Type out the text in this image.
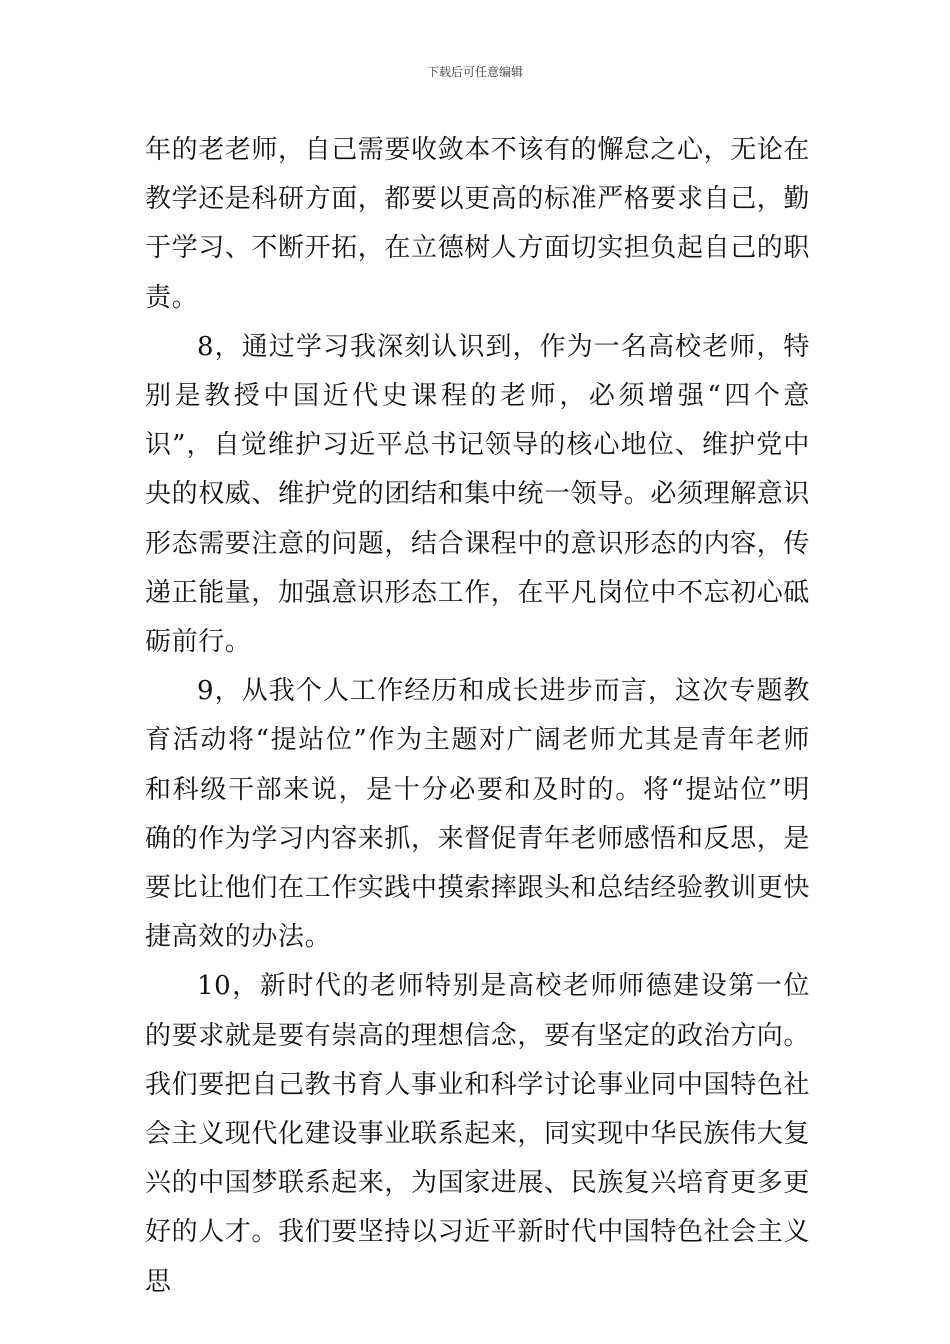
下载后可任意编辑

年的老老师，自己需要收敛本不该有的懈怠之心，无论在教学还是科研方面，都要以更高的标准严格要求自己，勤于学习、不断开拓，在立德树人方面切实担负起自己的职责。

8，通过学习我深刻认识到，作为一名高校老师，特别是教授中国近代史课程的老师，必须增强“四个意识”，自觉维护习近平总书记领导的核心地位、维护党中央的权威、维护党的团结和集中统一领导。必须理解意识形态需要注意的问题，结合课程中的意识形态的内容，传递正能量，加强意识形态工作，在平凡岗位中不忘初心砥砺前行。

9，从我个人工作经历和成长进步而言，这次专题教育活动将“提站位”作为主题对广阔老师尤其是青年老师和科级干部来说，是十分必要和及时的。将“提站位”明确的作为学习内容来抓，来督促青年老师感悟和反思，是要比让他们在工作实践中摸索摔跟头和总结经验教训更快捷高效的办法。

10，新时代的老师特别是高校老师师德建设第一位的要求就是要有崇高的理想信念，要有坚定的政治方向。我们要把自己教书育人事业和科学讨论事业同中国特色社会主义现代化建设事业联系起来，同实现中华民族伟大复兴的中国梦联系起来，为国家进展、民族复兴培育更多更好的人才。我们要坚持以习近平新时代中国特色社会主义思
